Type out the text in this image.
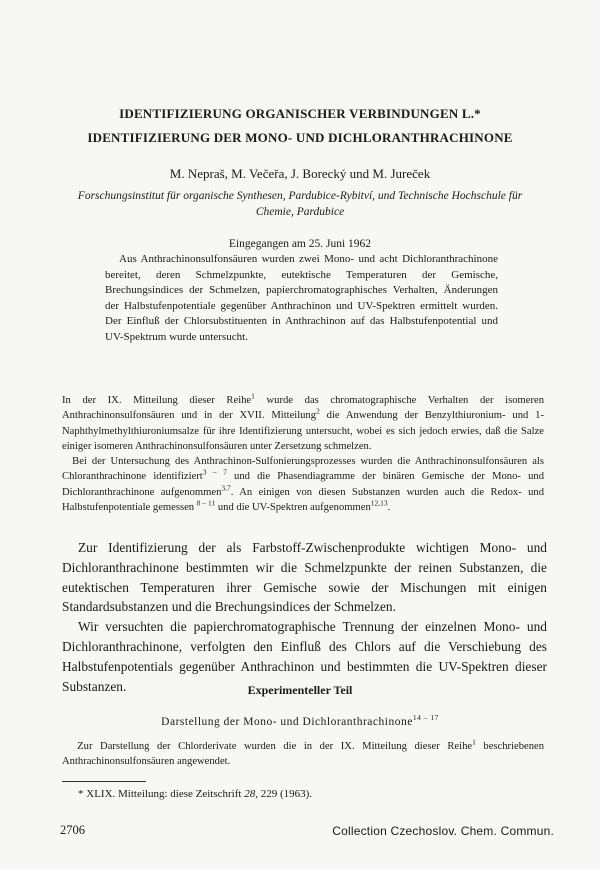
IDENTIFIZIERUNG ORGANISCHER VERBINDUNGEN L.*
IDENTIFIZIERUNG DER MONO- UND DICHLORANTHRACHINONE
M. Nepraš, M. Večeřa, J. Borecký und M. Jureček
Forschungsinstitut für organische Synthesen, Pardubice-Rybitví, und Technische Hochschule für Chemie, Pardubice
Eingegangen am 25. Juni 1962
Aus Anthrachinonsulfonsäuren wurden zwei Mono- und acht Dichloranthrachinone bereitet, deren Schmelzpunkte, eutektische Temperaturen der Gemische, Brechungsindices der Schmelzen, papierchromatographisches Verhalten, Änderungen der Halbstufenpotentiale gegenüber Anthrachinon und UV-Spektren ermittelt wurden. Der Einfluß der Chlorsubstituenten in Anthrachinon auf das Halbstufenpotential und UV-Spektrum wurde untersucht.
In der IX. Mitteilung dieser Reihe$^1$ wurde das chromatographische Verhalten der isomeren Anthrachinonsulfonsäuren und in der XVII. Mitteilung$^2$ die Anwendung der Benzylthiuronium- und 1-Naphthylmethylthiuroniumsalze für ihre Identifizierung untersucht, wobei es sich jedoch erwies, daß die Salze einiger isomeren Anthrachinonsulfonsäuren unter Zersetzung schmelzen.
Bei der Untersuchung des Anthrachinon-Sulfonierungsprozesses wurden die Anthrachinonsulfonsäuren als Chloranthrachinone identifiziert$^{3 - 7}$ und die Phasendiagramme der binären Gemische der Mono- und Dichloranthrachinone aufgenommen$^{3,7}$. An einigen von diesen Substanzen wurden auch die Redox- und Halbstufenpotentiale gemessen $^{8 - 11}$ und die UV-Spektren aufgenommen$^{12,13}$.

Zur Identifizierung der als Farbstoff-Zwischenprodukte wichtigen Mono- und Dichloranthrachinone bestimmten wir die Schmelzpunkte der reinen Substanzen, die eutektischen Temperaturen ihrer Gemische sowie der Mischungen mit einigen Standardsubstanzen und die Brechungsindices der Schmelzen.

Wir versuchten die papierchromatographische Trennung der einzelnen Mono- und Dichloranthrachinone, verfolgten den Einfluß des Chlors auf die Verschiebung des Halbstufenpotentials gegenüber Anthrachinon und bestimmten die UV-Spektren dieser Substanzen.	Experimenteller Teil
Darstellung der Mono- und Dichloranthrachinone$^{14 - 17}$
Zur Darstellung der Chlorderivate wurden die in der IX. Mitteilung dieser Reihe$^1$ beschriebenen Anthrachinonsulfonsäuren angewendet.
* XLIX. Mitteilung: diese Zeitschrift 28, 229 (1963).
2706	Collection Czechoslov. Chem. Commun.
